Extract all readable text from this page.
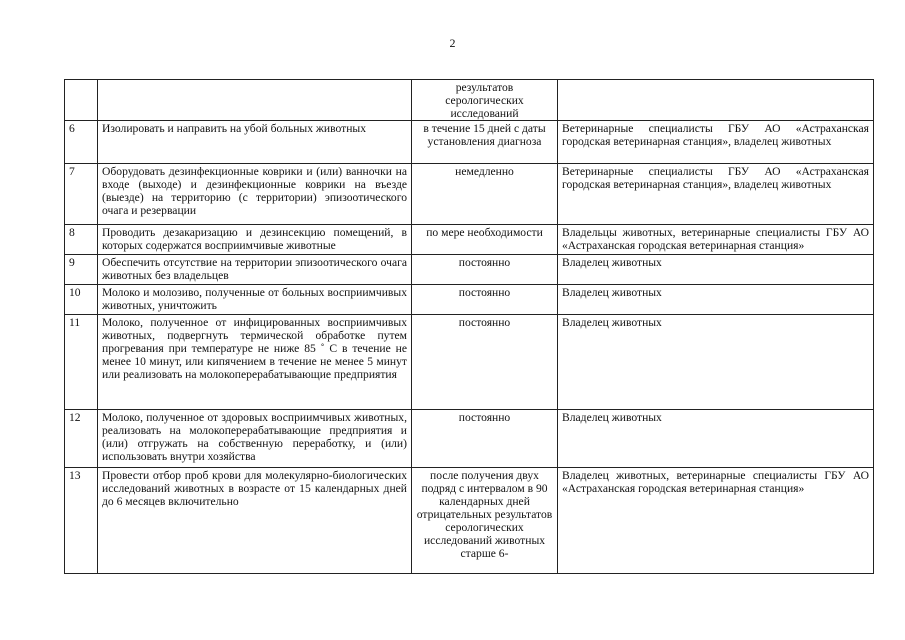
2
		результатов серологических исследований	
6	Изолировать и направить на убой больных животных	в течение 15 дней с даты установления диагноза	Ветеринарные специалисты ГБУ АО «Астраханская городская ветеринарная станция», владелец животных
7	Оборудовать дезинфекционные коврики и (или) ванночки на входе (выходе) и дезинфекционные коврики на въезде (выезде) на территорию (с территории) эпизоотического очага и резервации	немедленно	Ветеринарные специалисты ГБУ АО «Астраханская городская ветеринарная станция», владелец животных
8	Проводить дезакаризацию и дезинсекцию помещений, в которых содержатся восприимчивые животные	по мере необходимости	Владельцы животных, ветеринарные специалисты ГБУ АО «Астраханская городская ветеринарная станция»
9	Обеспечить отсутствие на территории эпизоотического очага животных без владельцев	постоянно	Владелец животных
10	Молоко и молозиво, полученные от больных восприимчивых животных, уничтожить	постоянно	Владелец животных
11	Молоко, полученное от инфицированных восприимчивых животных, подвергнуть термической обработке путем прогревания при температуре не ниже 85 ˚ С в течение не менее 10 минут, или кипячением в течение не менее 5 минут или реализовать на молокоперерабатывающие предприятия	постоянно	Владелец животных
12	Молоко, полученное от здоровых восприимчивых животных, реализовать на молокоперерабатывающие предприятия и (или) отгружать на собственную переработку, и (или) использовать внутри хозяйства	постоянно	Владелец животных
13	Провести отбор проб крови для молекулярно-биологических исследований животных в возрасте от 15 календарных дней до 6 месяцев включительно	после получения двух подряд с интервалом в 90 календарных дней отрицательных результатов серологических исследований животных старше 6-	Владелец животных, ветеринарные специалисты ГБУ АО «Астраханская городская ветеринарная станция»
